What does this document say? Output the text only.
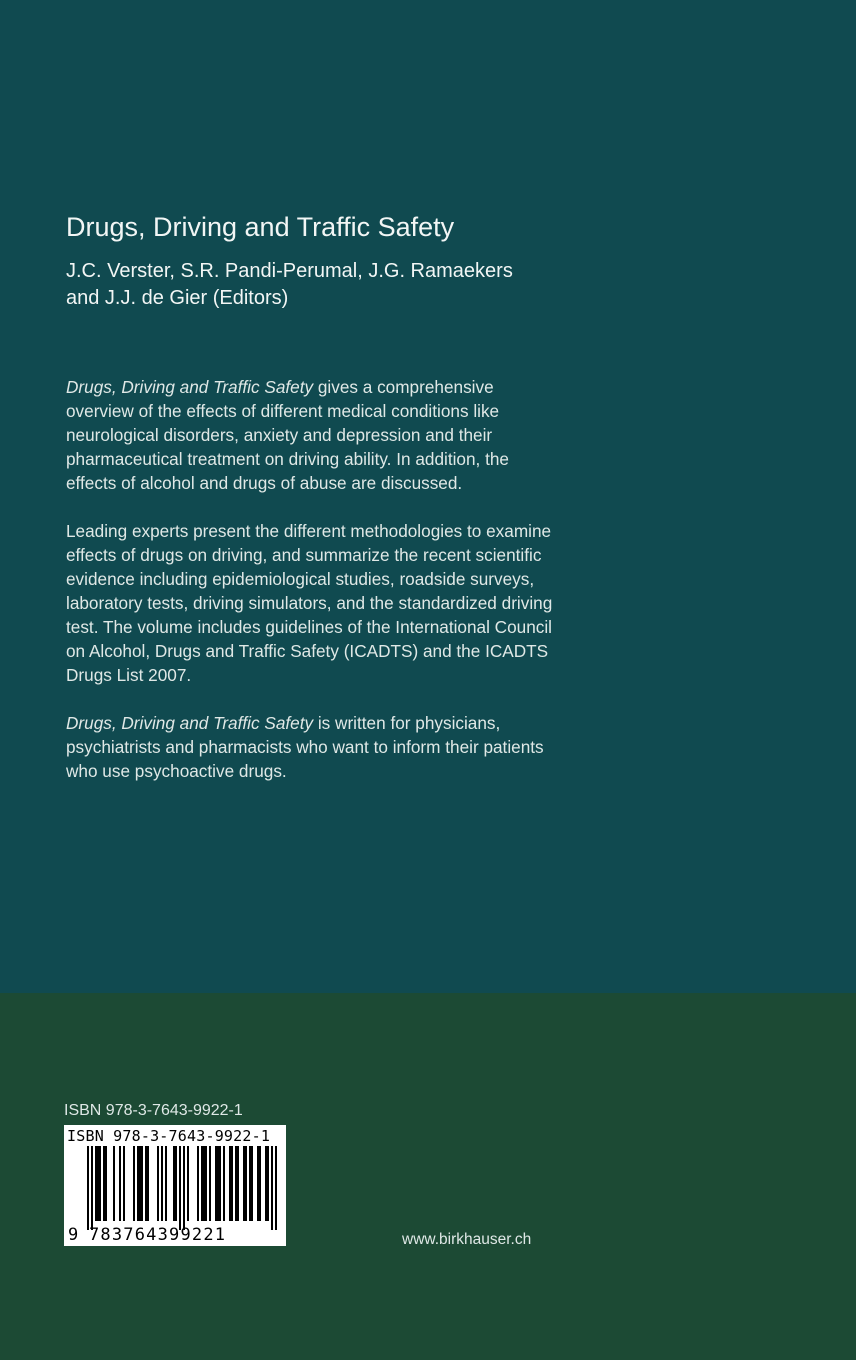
Drugs, Driving and Traffic Safety
J.C. Verster, S.R. Pandi-Perumal, J.G. Ramaekers
and J.J. de Gier (Editors)

Drugs, Driving and Traffic Safety gives a comprehensive overview of the effects of different medical conditions like neurological disorders, anxiety and depression and their pharmaceutical treatment on driving ability. In addition, the effects of alcohol and drugs of abuse are discussed.

Leading experts present the different methodologies to examine effects of drugs on driving, and summarize the recent scientific evidence including epidemiological studies, roadside surveys, laboratory tests, driving simulators, and the standardized driving test. The volume includes guidelines of the International Council on Alcohol, Drugs and Traffic Safety (ICADTS) and the ICADTS Drugs List 2007.

Drugs, Driving and Traffic Safety is written for physicians, psychiatrists and pharmacists who want to inform their patients who use psychoactive drugs.

ISBN 978-3-7643-9922-1
ISBN 978-3-7643-9922-1
9 783764399221	www.birkhauser.ch
